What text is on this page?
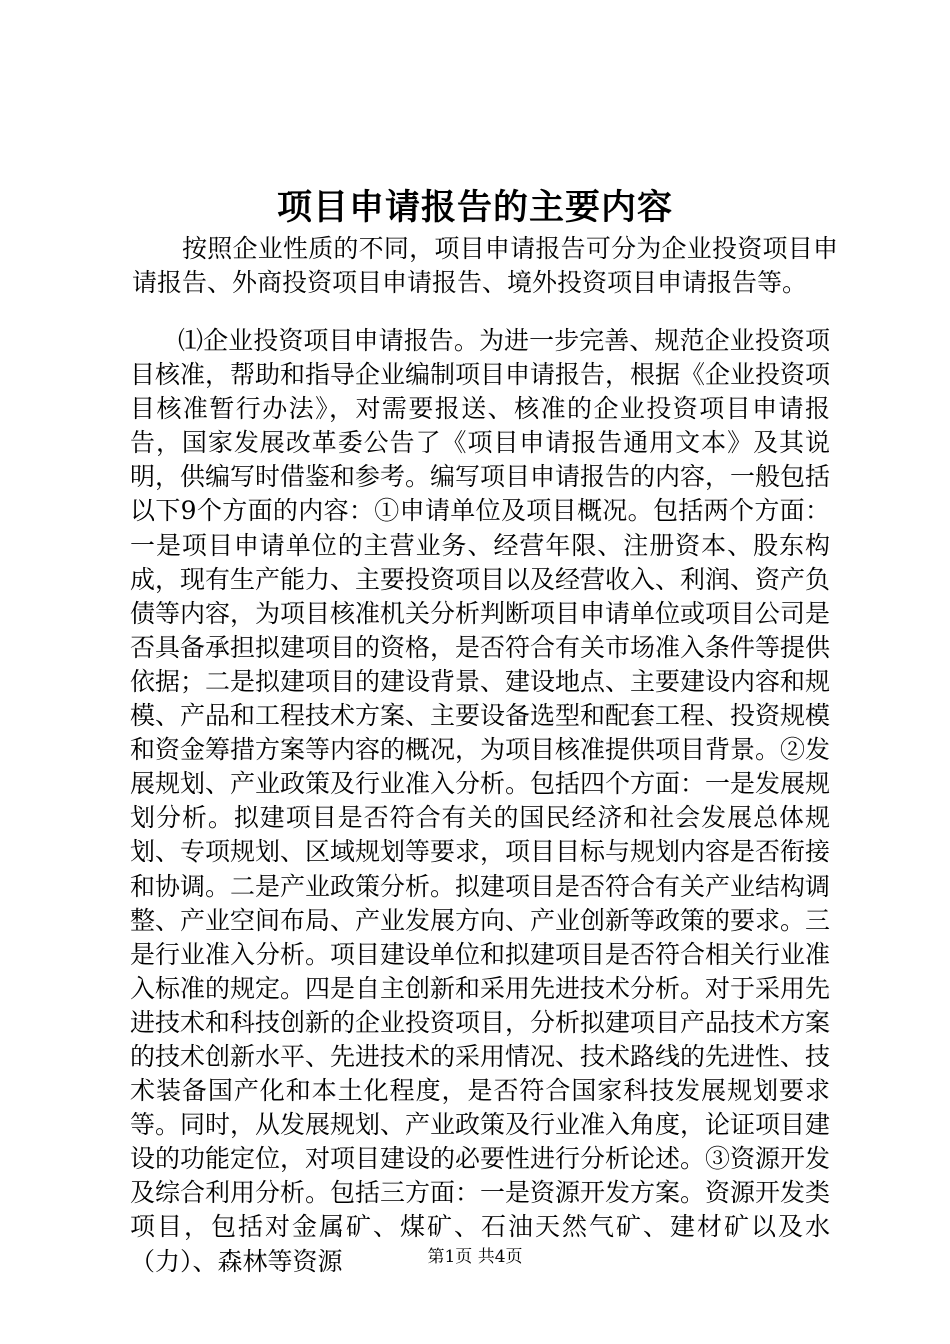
项目申请报告的主要内容

按照企业性质的不同，项目申请报告可分为企业投资项目申请报告、外商投资项目申请报告、境外投资项目申请报告等。

⑴企业投资项目申请报告。为进一步完善、规范企业投资项目核准，帮助和指导企业编制项目申请报告，根据《企业投资项目核准暂行办法》，对需要报送、核准的企业投资项目申请报告，国家发展改革委公告了《项目申请报告通用文本》及其说明，供编写时借鉴和参考。编写项目申请报告的内容，一般包括以下9个方面的内容：①申请单位及项目概况。包括两个方面：一是项目申请单位的主营业务、经营年限、注册资本、股东构成，现有生产能力、主要投资项目以及经营收入、利润、资产负债等内容，为项目核准机关分析判断项目申请单位或项目公司是否具备承担拟建项目的资格，是否符合有关市场准入条件等提供依据；二是拟建项目的建设背景、建设地点、主要建设内容和规模、产品和工程技术方案、主要设备选型和配套工程、投资规模和资金筹措方案等内容的概况，为项目核准提供项目背景。②发展规划、产业政策及行业准入分析。包括四个方面：一是发展规划分析。拟建项目是否符合有关的国民经济和社会发展总体规划、专项规划、区域规划等要求，项目目标与规划内容是否衔接和协调。二是产业政策分析。拟建项目是否符合有关产业结构调整、产业空间布局、产业发展方向、产业创新等政策的要求。三是行业准入分析。项目建设单位和拟建项目是否符合相关行业准入标准的规定。四是自主创新和采用先进技术分析。对于采用先进技术和科技创新的企业投资项目，分析拟建项目产品技术方案的技术创新水平、先进技术的采用情况、技术路线的先进性、技术装备国产化和本土化程度，是否符合国家科技发展规划要求等。同时，从发展规划、产业政策及行业准入角度，论证项目建设的功能定位，对项目建设的必要性进行分析论述。③资源开发及综合利用分析。包括三方面：一是资源开发方案。资源开发类项目，包括对金属矿、煤矿、石油天然气矿、建材矿以及水（力）、森林等资源	第1页 共4页
